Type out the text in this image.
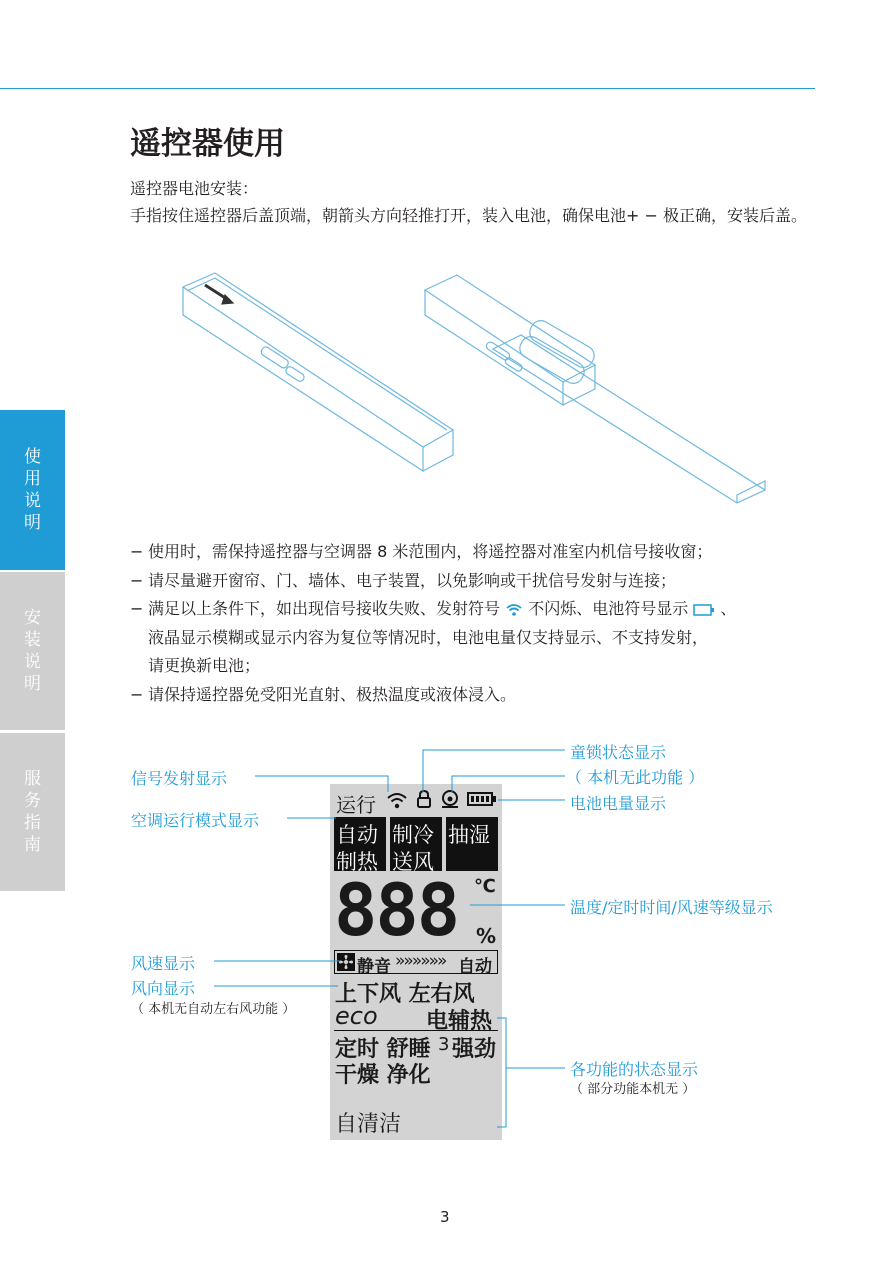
使
用
说
明
安
装
说
明
服
务
指
南
遥控器使用
遥控器电池安装：
手指按住遥控器后盖顶端，朝箭头方向轻推打开，装入电池，确保电池+ − 极正确，安装后盖。
− 使用时，需保持遥控器与空调器 8 米范围内，将遥控器对准室内机信号接收窗；
− 请尽量避开窗帘、门、墙体、电子装置，以免影响或干扰信号发射与连接；
− 满足以上条件下，如出现信号接收失败、发射符号 不闪烁、电池符号显示 、
液晶显示模糊或显示内容为复位等情况时，电池电量仅支持显示、不支持发射，
请更换新电池；
− 请保持遥控器免受阳光直射、极热温度或液体浸入。
运行
自动 制冷 抽湿
制热 送风
888 ℃
%
静音 »»»»»» 自动
上下风 左右风
eco 电辅热
定时 舒睡 3 强劲
干燥 净化
自清洁
信号发射显示
童锁状态显示
（ 本机无此功能 ）
电池电量显示
空调运行模式显示
温度/定时时间/风速等级显示
风速显示
风向显示
（ 本机无自动左右风功能 ）
各功能的状态显示
（ 部分功能本机无 ）
3
